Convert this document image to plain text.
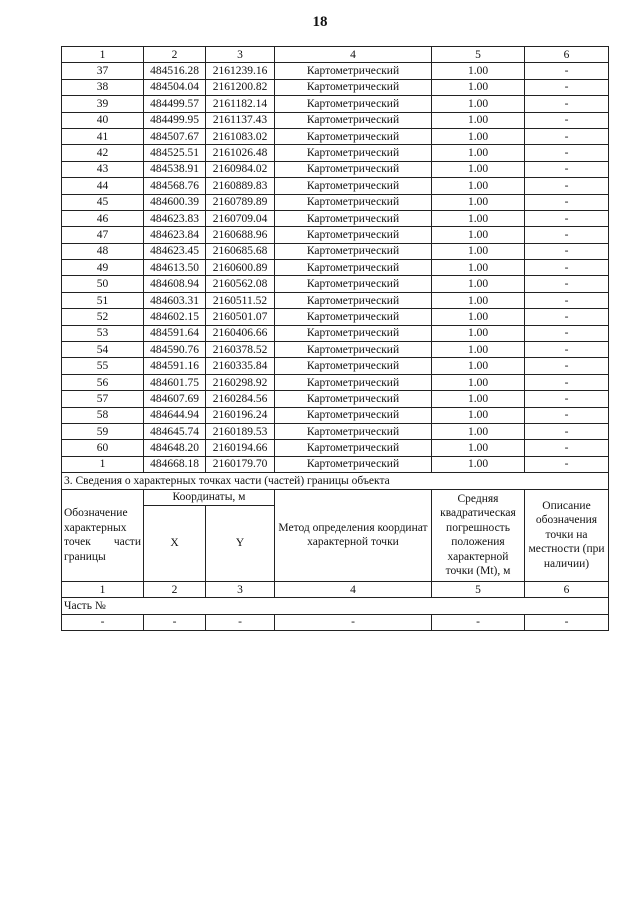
18
1	2	3	4	5	6
37	484516.28	2161239.16	Картометрический	1.00	-
38	484504.04	2161200.82	Картометрический	1.00	-
39	484499.57	2161182.14	Картометрический	1.00	-
40	484499.95	2161137.43	Картометрический	1.00	-
41	484507.67	2161083.02	Картометрический	1.00	-
42	484525.51	2161026.48	Картометрический	1.00	-
43	484538.91	2160984.02	Картометрический	1.00	-
44	484568.76	2160889.83	Картометрический	1.00	-
45	484600.39	2160789.89	Картометрический	1.00	-
46	484623.83	2160709.04	Картометрический	1.00	-
47	484623.84	2160688.96	Картометрический	1.00	-
48	484623.45	2160685.68	Картометрический	1.00	-
49	484613.50	2160600.89	Картометрический	1.00	-
50	484608.94	2160562.08	Картометрический	1.00	-
51	484603.31	2160511.52	Картометрический	1.00	-
52	484602.15	2160501.07	Картометрический	1.00	-
53	484591.64	2160406.66	Картометрический	1.00	-
54	484590.76	2160378.52	Картометрический	1.00	-
55	484591.16	2160335.84	Картометрический	1.00	-
56	484601.75	2160298.92	Картометрический	1.00	-
57	484607.69	2160284.56	Картометрический	1.00	-
58	484644.94	2160196.24	Картометрический	1.00	-
59	484645.74	2160189.53	Картометрический	1.00	-
60	484648.20	2160194.66	Картометрический	1.00	-
1	484668.18	2160179.70	Картометрический	1.00	-
3. Сведения о характерных точках части (частей) границы объекта					
Обозначение характерных точек части границы	Координаты, м		Метод определения координат характерной точки	Средняя квадратическая погрешность положения характерной точки (Mt), м	Описание обозначения точки на местности (при наличии)
	X	Y			
1	2	3	4	5	6
Часть №					
-	-	-	-	-	-
